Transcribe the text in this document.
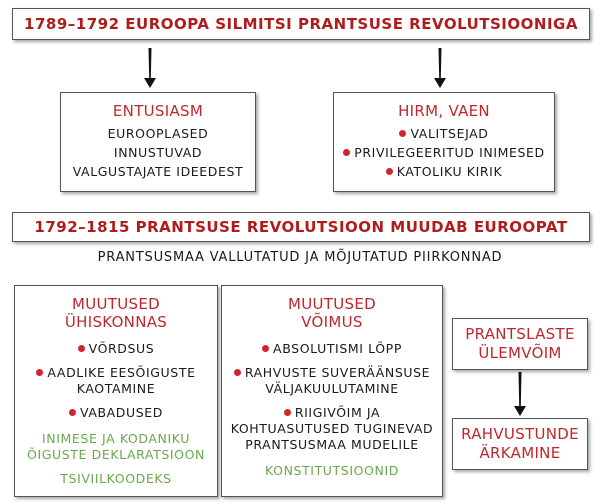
1789–1792 EUROOPA SILMITSI PRANTSUSE REVOLUTSIOONIGA
ENTUSIASM
EUROOPLASED
INNUSTUVAD
VALGUSTAJATE IDEEDEST
HIRM, VAEN
VALITSEJAD
PRIVILEGEERITUD INIMESED
KATOLIKU KIRIK
1792–1815 PRANTSUSE REVOLUTSIOON MUUDAB EUROOPAT
PRANTSUSMAA VALLUTATUD JA MÕJUTATUD PIIRKONNAD
MUUTUSED
ÜHISKONNAS
VÕRDSUS
AADLIKE EESÕIGUSTE
KAOTAMINE
VABADUSED
INIMESE JA KODANIKU
ÕIGUSTE DEKLARATSIOON
TSIVIILKOODEKS
MUUTUSED
VÕIMUS
ABSOLUTISMI LÕPP
RAHVUSTE SUVERÄÄNSUSE
VÄLJAKUULUTAMINE
RIIGIVÕIM JA
KOHTUASUTUSED TUGINEVAD
PRANTSUSMAA MUDELILE
KONSTITUTSIOONID
PRANTSLASTE
ÜLEMVÕIM
RAHVUSTUNDE
ÄRKAMINE
